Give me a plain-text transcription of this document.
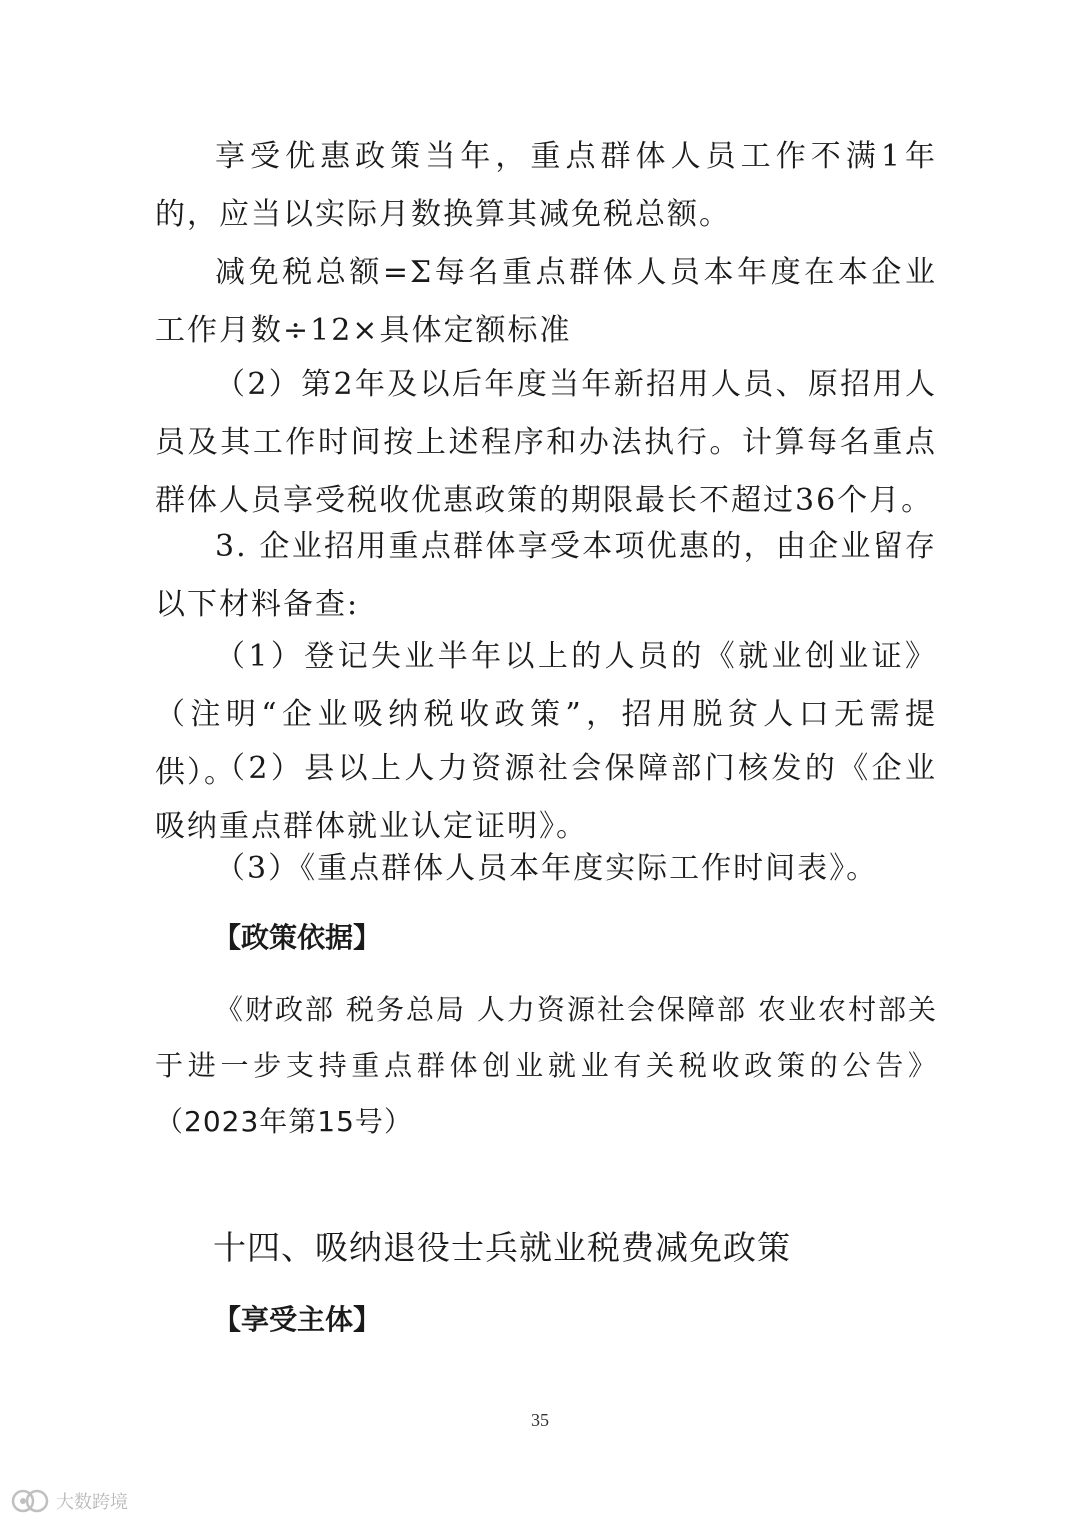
享受优惠政策当年，重点群体人员工作不满1年的，应当以实际月数换算其减免税总额。

减免税总额=Σ每名重点群体人员本年度在本企业工作月数÷12×具体定额标准

（2）第2年及以后年度当年新招用人员、原招用人员及其工作时间按上述程序和办法执行。计算每名重点群体人员享受税收优惠政策的期限最长不超过36个月。

3. 企业招用重点群体享受本项优惠的，由企业留存以下材料备查:

（1）登记失业半年以上的人员的《就业创业证》（注明“企业吸纳税收政策”，招用脱贫人口无需提供）。

（2）县以上人力资源社会保障部门核发的《企业吸纳重点群体就业认定证明》。

（3）《重点群体人员本年度实际工作时间表》。

【政策依据】

《财政部 税务总局 人力资源社会保障部 农业农村部关于进一步支持重点群体创业就业有关税收政策的公告》（2023年第15号）

十四、吸纳退役士兵就业税费减免政策

【享受主体】

35
大数跨境
